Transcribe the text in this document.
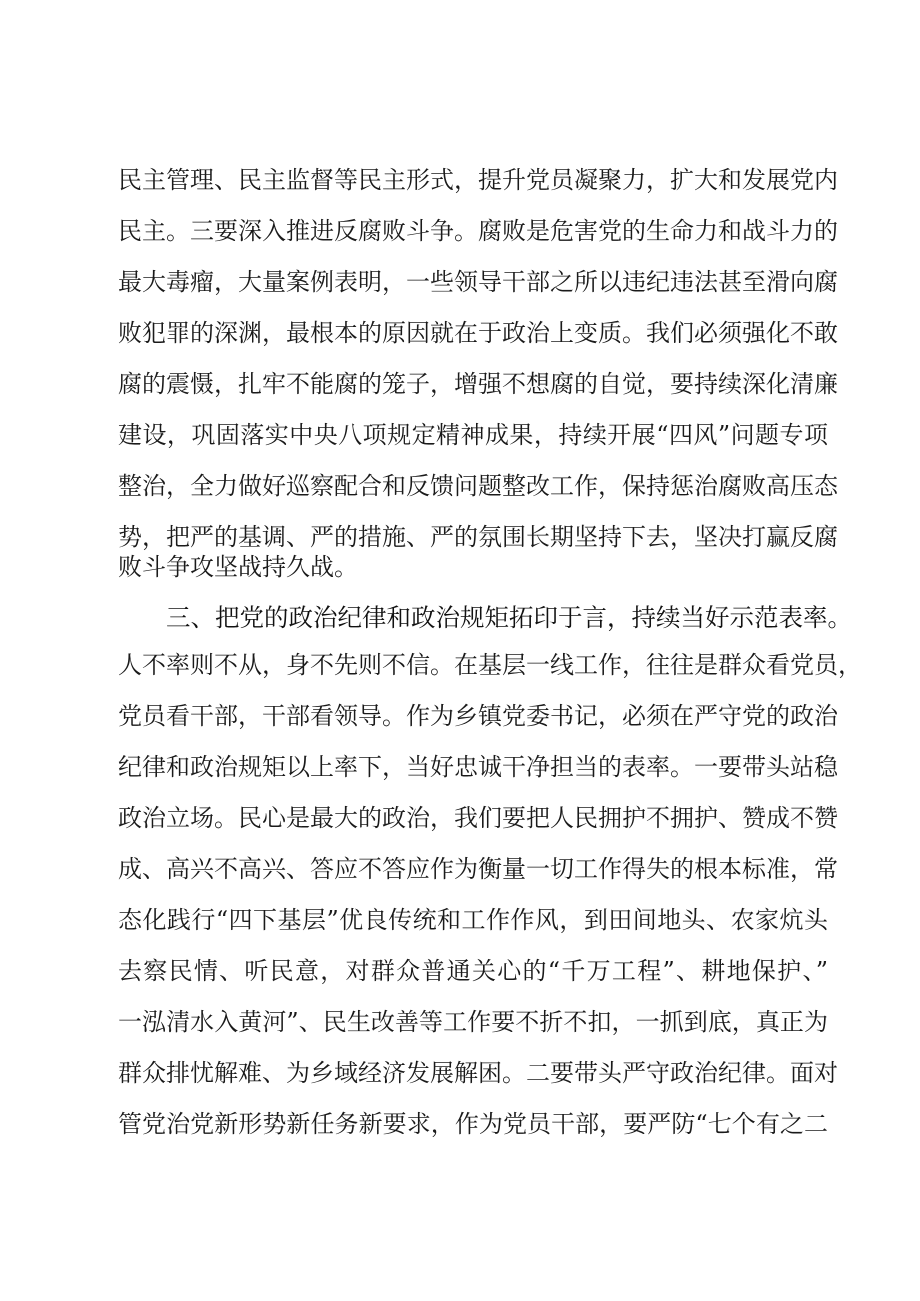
民主管理、民主监督等民主形式，提升党员凝聚力，扩大和发展党内
民主。三要深入推进反腐败斗争。腐败是危害党的生命力和战斗力的
最大毒瘤，大量案例表明，一些领导干部之所以违纪违法甚至滑向腐
败犯罪的深渊，最根本的原因就在于政治上变质。我们必须强化不敢
腐的震慑，扎牢不能腐的笼子，增强不想腐的自觉，要持续深化清廉
建设，巩固落实中央八项规定精神成果，持续开展“四风”问题专项
整治，全力做好巡察配合和反馈问题整改工作，保持惩治腐败高压态
势，把严的基调、严的措施、严的氛围长期坚持下去，坚决打赢反腐
败斗争攻坚战持久战。
三、把党的政治纪律和政治规矩拓印于言，持续当好示范表率。
人不率则不从，身不先则不信。在基层一线工作，往往是群众看党员，
党员看干部，干部看领导。作为乡镇党委书记，必须在严守党的政治
纪律和政治规矩以上率下，当好忠诚干净担当的表率。一要带头站稳
政治立场。民心是最大的政治，我们要把人民拥护不拥护、赞成不赞
成、高兴不高兴、答应不答应作为衡量一切工作得失的根本标准，常
态化践行“四下基层”优良传统和工作作风，到田间地头、农家炕头
去察民情、听民意，对群众普通关心的“千万工程”、耕地保护、”
一泓清水入黄河”、民生改善等工作要不折不扣，一抓到底，真正为
群众排忧解难、为乡域经济发展解困。二要带头严守政治纪律。面对
管党治党新形势新任务新要求，作为党员干部，要严防“七个有之二
